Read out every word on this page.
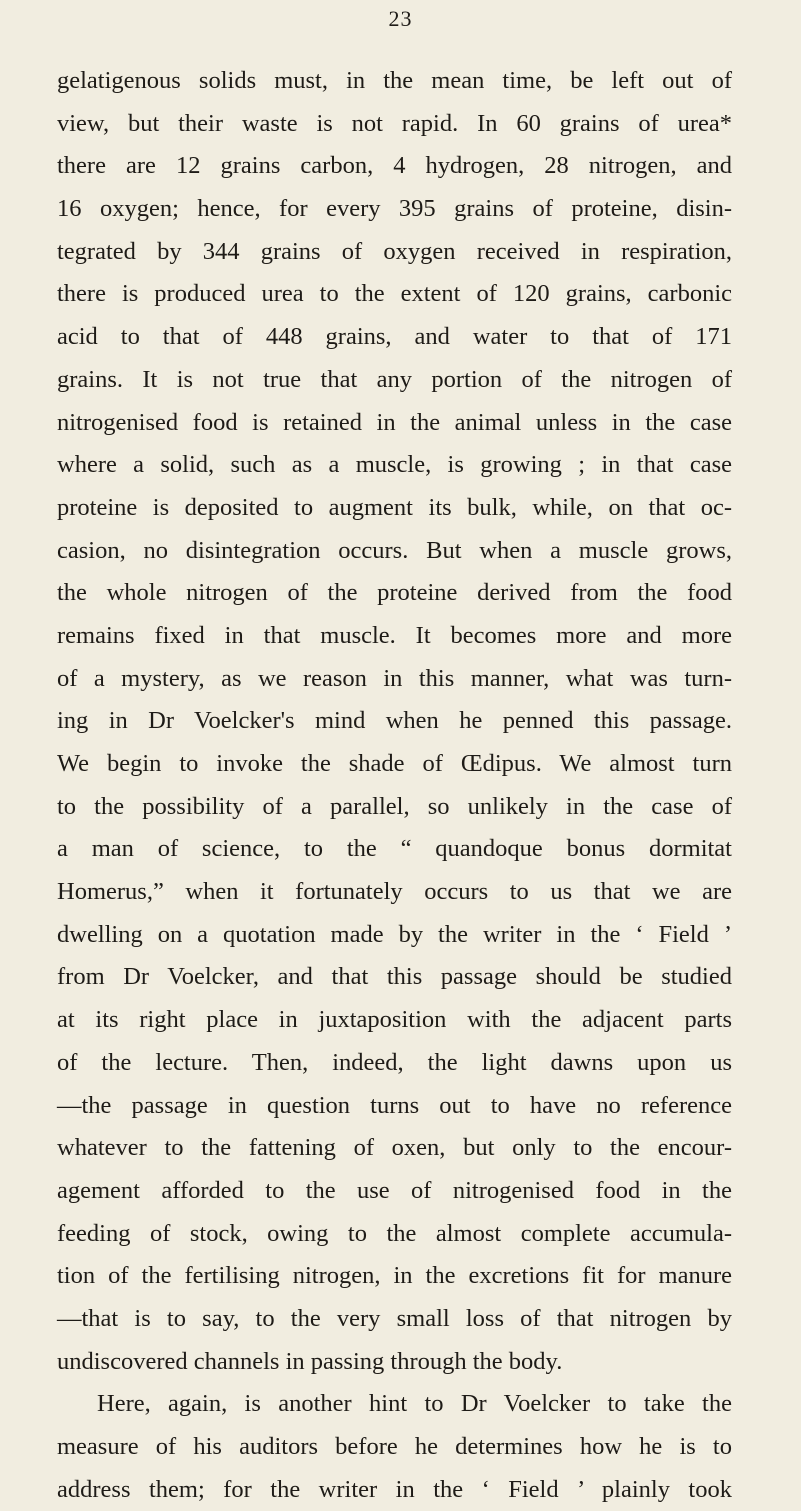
23
gelatigenous solids must, in the mean time, be left out of
view, but their waste is not rapid. In 60 grains of urea*
there are 12 grains carbon, 4 hydrogen, 28 nitrogen, and
16 oxygen; hence, for every 395 grains of proteine, disin-
tegrated by 344 grains of oxygen received in respiration,
there is produced urea to the extent of 120 grains, carbonic
acid to that of 448 grains, and water to that of 171
grains. It is not true that any portion of the nitrogen of
nitrogenised food is retained in the animal unless in the case
where a solid, such as a muscle, is growing ; in that case
proteine is deposited to augment its bulk, while, on that oc-
casion, no disintegration occurs. But when a muscle grows,
the whole nitrogen of the proteine derived from the food
remains fixed in that muscle. It becomes more and more
of a mystery, as we reason in this manner, what was turn-
ing in Dr Voelcker's mind when he penned this passage.
We begin to invoke the shade of Œdipus. We almost turn
to the possibility of a parallel, so unlikely in the case of
a man of science, to the “ quandoque bonus dormitat
Homerus,” when it fortunately occurs to us that we are
dwelling on a quotation made by the writer in the ‘ Field ’
from Dr Voelcker, and that this passage should be studied
at its right place in juxtaposition with the adjacent parts
of the lecture. Then, indeed, the light dawns upon us
—the passage in question turns out to have no reference
whatever to the fattening of oxen, but only to the encour-
agement afforded to the use of nitrogenised food in the
feeding of stock, owing to the almost complete accumula-
tion of the fertilising nitrogen, in the excretions fit for manure
—that is to say, to the very small loss of that nitrogen by
undiscovered channels in passing through the body.
Here, again, is another hint to Dr Voelcker to take the
measure of his auditors before he determines how he is to
address them; for the writer in the ‘ Field ’ plainly took
